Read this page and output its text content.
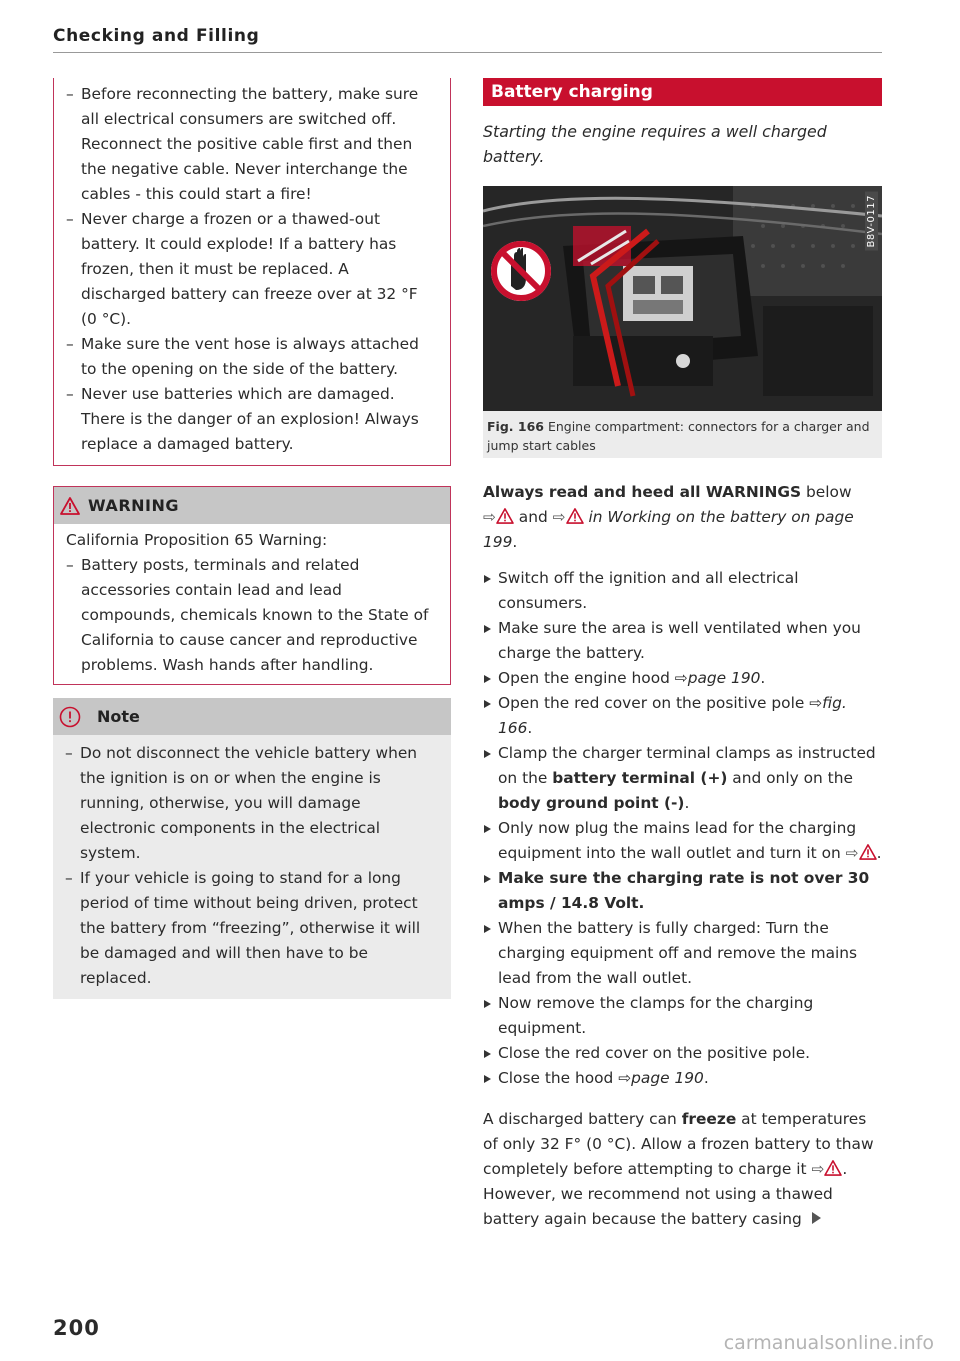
Checking and Filling
– Before reconnecting the battery, make sure all electrical consumers are switched off. Reconnect the positive cable first and then the negative cable. Never interchange the cables - this could start a fire!
– Never charge a frozen or a thawed-out battery. It could explode! If a battery has frozen, then it must be replaced. A discharged battery can freeze over at 32 °F (0 °C).
– Make sure the vent hose is always attached to the opening on the side of the battery.
– Never use batteries which are damaged. There is the danger of an explosion! Always replace a damaged battery.
WARNING
California Proposition 65 Warning:
– Battery posts, terminals and related accessories contain lead and lead compounds, chemicals known to the State of California to cause cancer and reproductive problems. Wash hands after handling.
Note
– Do not disconnect the vehicle battery when the ignition is on or when the engine is running, otherwise, you will damage electronic components in the electrical system.
– If your vehicle is going to stand for a long period of time without being driven, protect the battery from “freezing”, otherwise it will be damaged and will then have to be replaced.
Battery charging

Starting the engine requires a well charged battery.

B8V-0117
Fig. 166 Engine compartment: connectors for a charger and jump start cables

Always read and heed all WARNINGS below
⇨ and ⇨ in Working on the battery on page 199.

Switch off the ignition and all electrical consumers.
Make sure the area is well ventilated when you charge the battery.
Open the engine hood ⇨page 190.
Open the red cover on the positive pole ⇨fig. 166.
Clamp the charger terminal clamps as instructed on the battery terminal (+) and only on the body ground point (-).
Only now plug the mains lead for the charging equipment into the wall outlet and turn it on ⇨ .
Make sure the charging rate is not over 30 amps / 14.8 Volt.
When the battery is fully charged: Turn the charging equipment off and remove the mains lead from the wall outlet.
Now remove the clamps for the charging equipment.
Close the red cover on the positive pole.
Close the hood ⇨page 190.

A discharged battery can freeze at temperatures of only 32 F° (0 °C). Allow a frozen battery to thaw completely before attempting to charge it ⇨ . However, we recommend not using a thawed battery again because the battery casing

200
carmanualsonline.info
